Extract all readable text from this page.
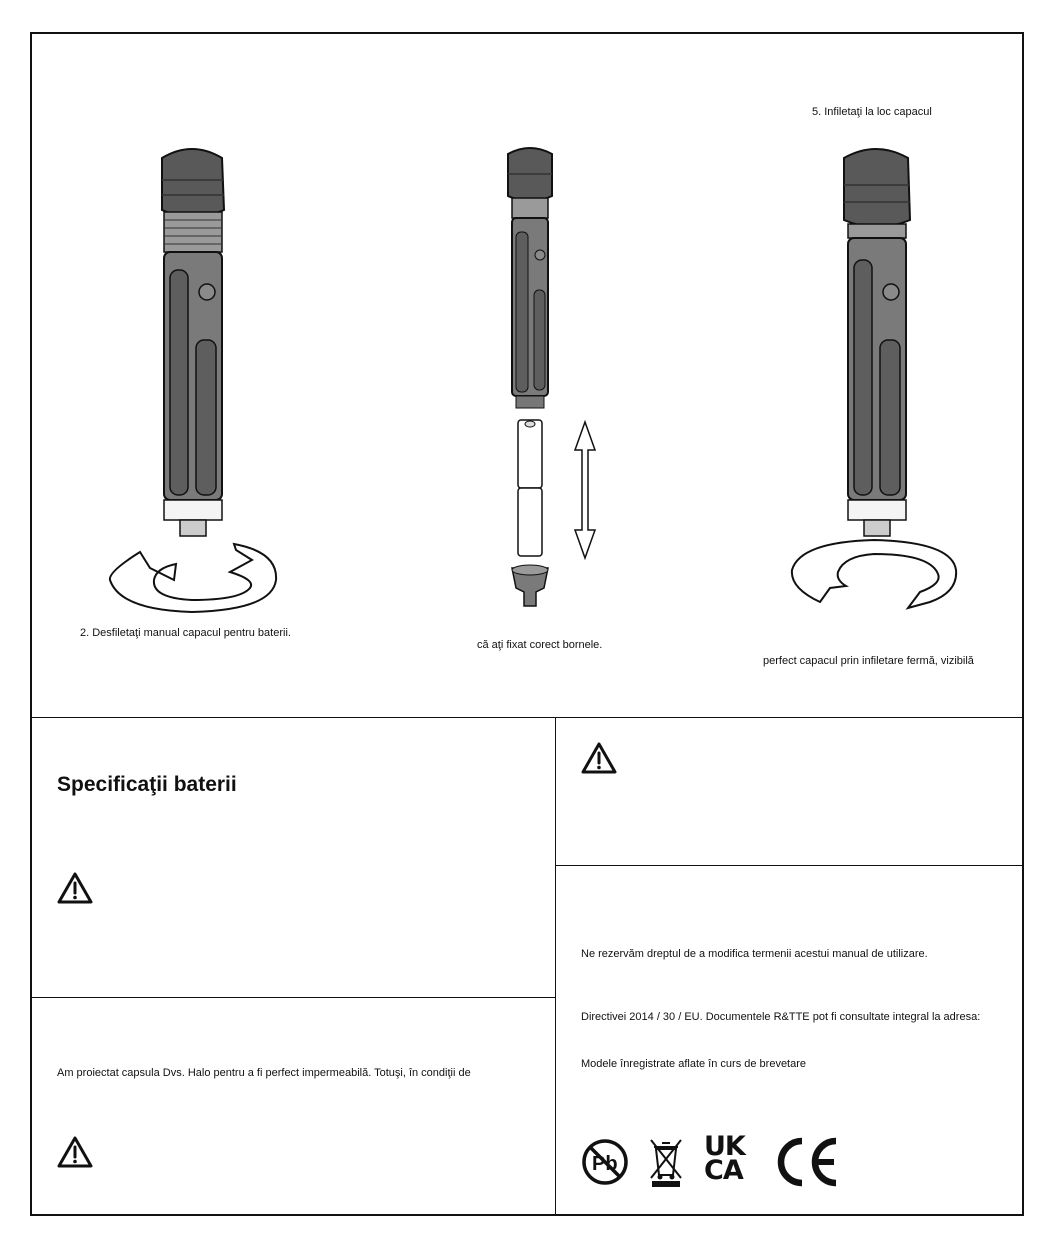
2. Desfiletaţi manual capacul pentru baterii.
că aţi fixat corect bornele.
5. Infiletaţi la loc capacul
perfect capacul prin infiletare fermă, vizibilă
Specificaţii baterii
Am proiectat capsula Dvs. Halo pentru a fi perfect impermeabilă. Totuşi, în condiţii de
Ne rezervăm dreptul de a modifica termenii acestui manual de utilizare.
Directivei 2014 / 30 / EU. Documentele R&TTE pot fi consultate integral la adresa:
Modele înregistrate aflate în curs de brevetare
Pb
UK
CA
